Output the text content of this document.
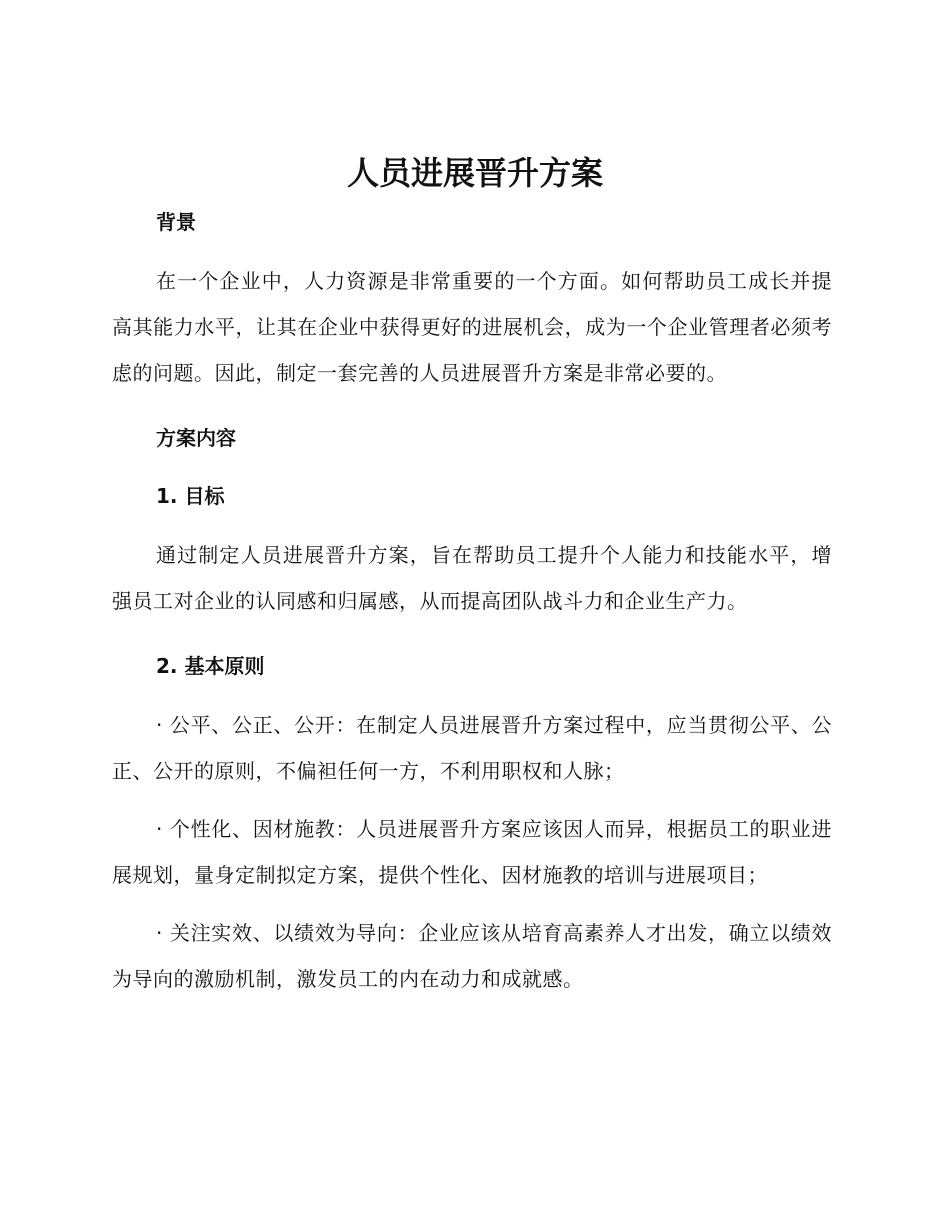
人员进展晋升方案

背景

在一个企业中，人力资源是非常重要的一个方面。如何帮助员工成长并提高其能力水平，让其在企业中获得更好的进展机会，成为一个企业管理者必须考虑的问题。因此，制定一套完善的人员进展晋升方案是非常必要的。

方案内容

1. 目标

通过制定人员进展晋升方案，旨在帮助员工提升个人能力和技能水平，增强员工对企业的认同感和归属感，从而提高团队战斗力和企业生产力。

2. 基本原则

· 公平、公正、公开：在制定人员进展晋升方案过程中，应当贯彻公平、公正、公开的原则，不偏袒任何一方，不利用职权和人脉；

· 个性化、因材施教：人员进展晋升方案应该因人而异，根据员工的职业进展规划，量身定制拟定方案，提供个性化、因材施教的培训与进展项目；

· 关注实效、以绩效为导向：企业应该从培育高素养人才出发，确立以绩效为导向的激励机制，激发员工的内在动力和成就感。
